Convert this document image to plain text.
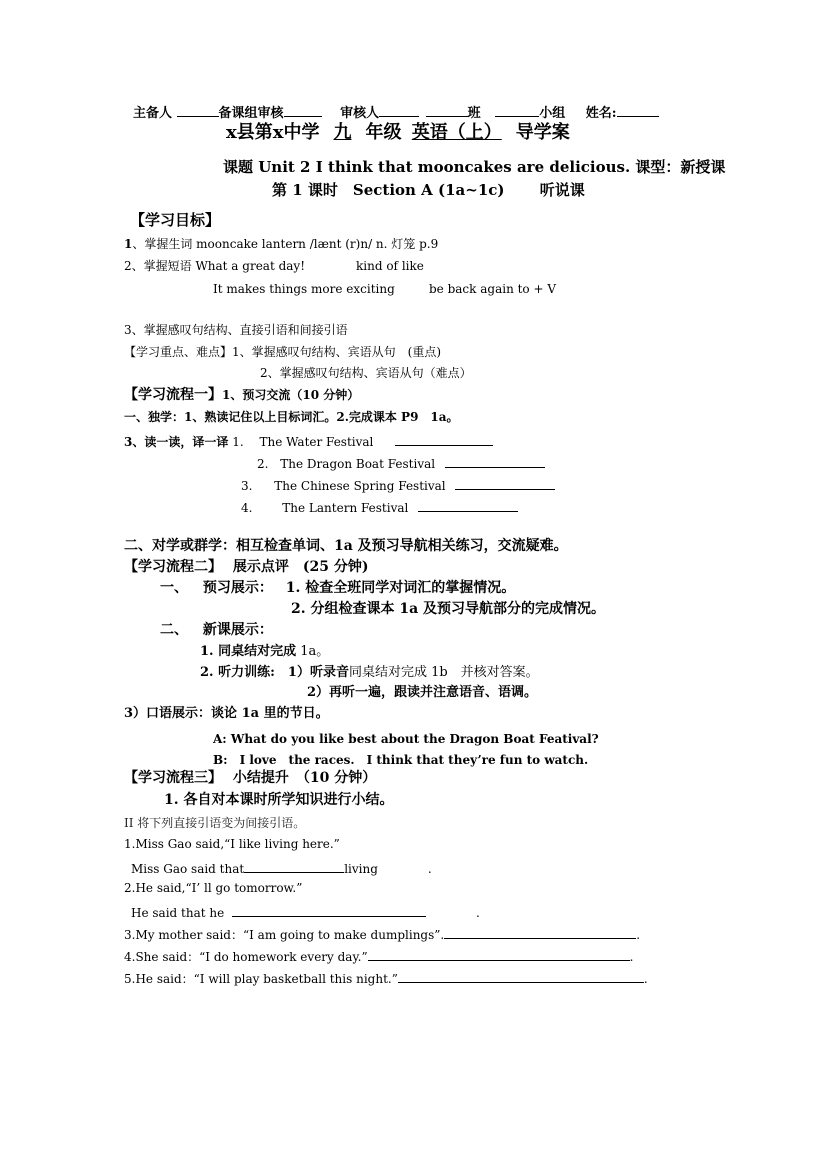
主备人	备课组审核	审核人	班	小组 姓名:
x县第x中学 九 年级 英语（上） 导学案
课题 Unit 2 I think that mooncakes are delicious. 课型：新授课
第 1 课时　Section A (1a~1c)　　 听说课
【学习目标】
1、掌握生词 mooncake lantern /lænt (r)n/ n. 灯笼 p.9
2、掌握短语 What a great day!	kind of like
It makes things more exciting	be back again to + V
3、掌握感叹句结构、直接引语和间接引语
【学习重点、难点】1、掌握感叹句结构、宾语从句　(重点)
2、掌握感叹句结构、宾语从句（难点）
【学习流程一】1、预习交流（10 分钟）
一、独学：1、熟读记住以上目标词汇。2.完成课本 P9　1a。
3、读一读，译一译 1. The Water Festival
2. The Dragon Boat Festival
3. The Chinese Spring Festival
4. The Lantern Festival
二、对学或群学：相互检查单词、1a 及预习导航相关练习，交流疑难。
【学习流程二】 展示点评　(25 分钟)
一、 预习展示： 1. 检查全班同学对词汇的掌握情况。
2. 分组检查课本 1a 及预习导航部分的完成情况。
二、 新课展示：
1. 同桌结对完成 1a。
2. 听力训练:　1）听录音同桌结对完成 1b　并核对答案。
2）再听一遍，跟读并注意语音、语调。
3）口语展示：谈论 1a 里的节日。
A: What do you like best about the Dragon Boat Featival?
B:　I love　the races.　I think that they’re fun to watch.
【学习流程三】 小结提升　（10 分钟）
1. 各自对本课时所学知识进行小结。
II 将下列直接引语变为间接引语。
1.Miss Gao said,“I like living here.”
Miss Gao said that	living	.
2.He said,“I’ ll go tomorrow.”
He said that he	.
3.My mother said：“I am going to make dumplings”.	.
4.She said：“I do homework every day.”	.
5.He said：“I will play basketball this night.”	.
